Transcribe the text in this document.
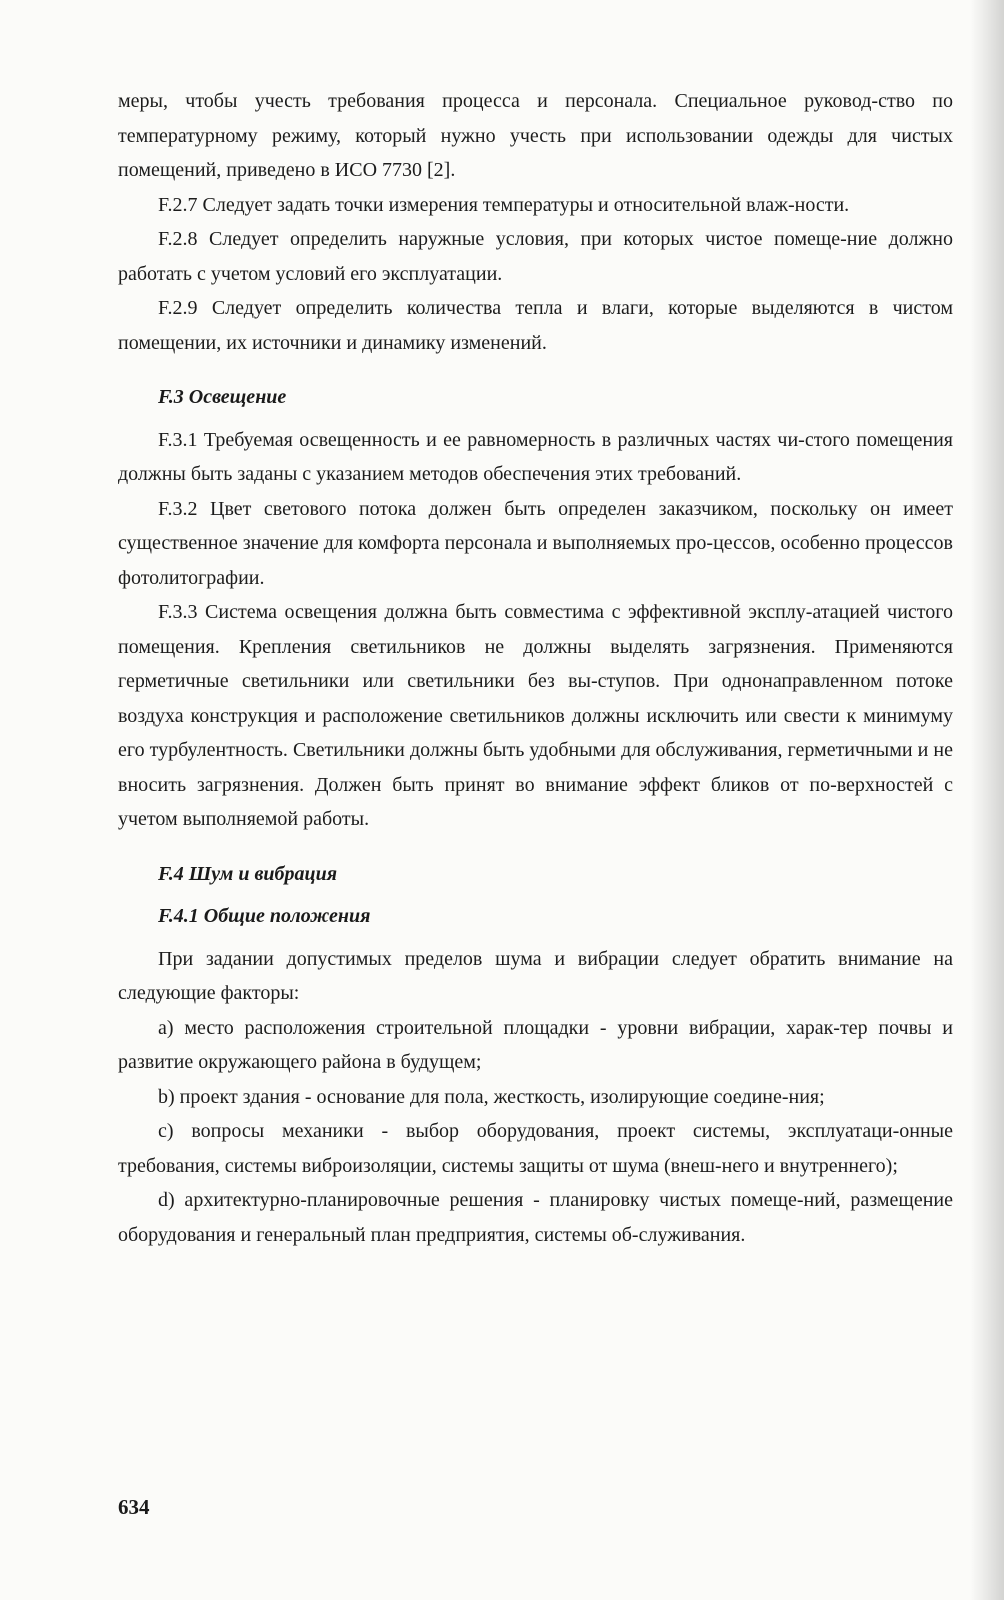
меры, чтобы учесть требования процесса и персонала. Специальное руковод-ство по температурному режиму, который нужно учесть при использовании одежды для чистых помещений, приведено в ИСО 7730 [2].

F.2.7 Следует задать точки измерения температуры и относительной влаж-ности.

F.2.8 Следует определить наружные условия, при которых чистое помеще-ние должно работать с учетом условий его эксплуатации.

F.2.9 Следует определить количества тепла и влаги, которые выделяются в чистом помещении, их источники и динамику изменений.

F.3 Освещение

F.3.1 Требуемая освещенность и ее равномерность в различных частях чи-стого помещения должны быть заданы с указанием методов обеспечения этих требований.

F.3.2 Цвет светового потока должен быть определен заказчиком, поскольку он имеет существенное значение для комфорта персонала и выполняемых про-цессов, особенно процессов фотолитографии.

F.3.3 Система освещения должна быть совместима с эффективной эксплу-атацией чистого помещения. Крепления светильников не должны выделять загрязнения. Применяются герметичные светильники или светильники без вы-ступов. При однонаправленном потоке воздуха конструкция и расположение светильников должны исключить или свести к минимуму его турбулентность. Светильники должны быть удобными для обслуживания, герметичными и не вносить загрязнения. Должен быть принят во внимание эффект бликов от по-верхностей с учетом выполняемой работы.

F.4 Шум и вибрация
F.4.1 Общие положения

При задании допустимых пределов шума и вибрации следует обратить внимание на следующие факторы:

a) место расположения строительной площадки - уровни вибрации, харак-тер почвы и развитие окружающего района в будущем;

b) проект здания - основание для пола, жесткость, изолирующие соедине-ния;

c) вопросы механики - выбор оборудования, проект системы, эксплуатаци-онные требования, системы виброизоляции, системы защиты от шума (внеш-него и внутреннего);

d) архитектурно-планировочные решения - планировку чистых помеще-ний, размещение оборудования и генеральный план предприятия, системы об-служивания.

634
